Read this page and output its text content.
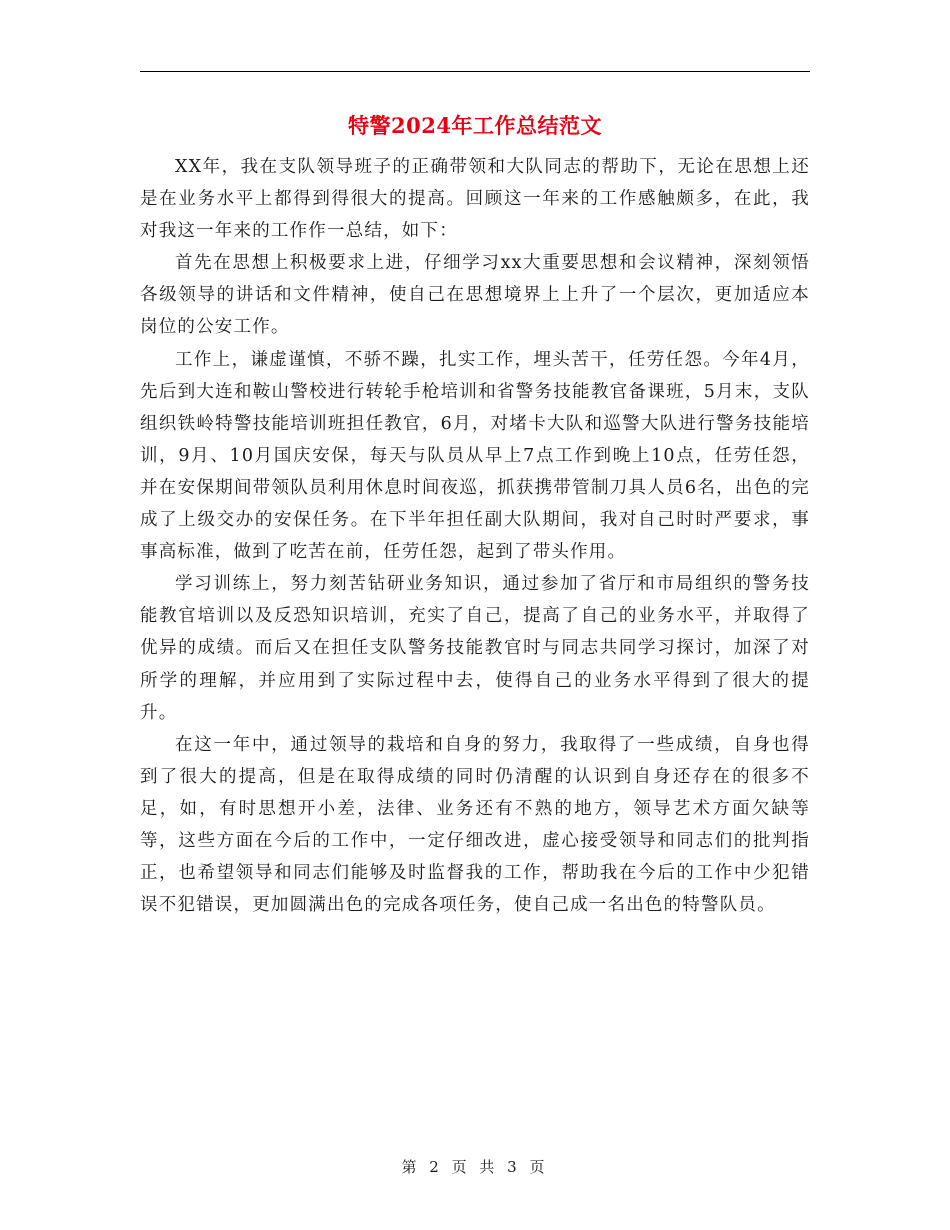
特警2024年工作总结范文

XX年，我在支队领导班子的正确带领和大队同志的帮助下，无论在思想上还是在业务水平上都得到得很大的提高。回顾这一年来的工作感触颇多，在此，我对我这一年来的工作作一总结，如下：

首先在思想上积极要求上进，仔细学习xx大重要思想和会议精神，深刻领悟各级领导的讲话和文件精神，使自己在思想境界上上升了一个层次，更加适应本岗位的公安工作。

工作上，谦虚谨慎，不骄不躁，扎实工作，埋头苦干，任劳任怨。今年4月，先后到大连和鞍山警校进行转轮手枪培训和省警务技能教官备课班，5月末，支队组织铁岭特警技能培训班担任教官，6月，对堵卡大队和巡警大队进行警务技能培训，9月、10月国庆安保，每天与队员从早上7点工作到晚上10点，任劳任怨，并在安保期间带领队员利用休息时间夜巡，抓获携带管制刀具人员6名，出色的完成了上级交办的安保任务。在下半年担任副大队期间，我对自己时时严要求，事事高标准，做到了吃苦在前，任劳任怨，起到了带头作用。

学习训练上，努力刻苦钻研业务知识，通过参加了省厅和市局组织的警务技能教官培训以及反恐知识培训，充实了自己，提高了自己的业务水平，并取得了优异的成绩。而后又在担任支队警务技能教官时与同志共同学习探讨，加深了对所学的理解，并应用到了实际过程中去，使得自己的业务水平得到了很大的提升。

在这一年中，通过领导的栽培和自身的努力，我取得了一些成绩，自身也得到了很大的提高，但是在取得成绩的同时仍清醒的认识到自身还存在的很多不足，如，有时思想开小差，法律、业务还有不熟的地方，领导艺术方面欠缺等等，这些方面在今后的工作中，一定仔细改进，虚心接受领导和同志们的批判指正，也希望领导和同志们能够及时监督我的工作，帮助我在今后的工作中少犯错误不犯错误，更加圆满出色的完成各项任务，使自己成一名出色的特警队员。

第 2 页 共 3 页
